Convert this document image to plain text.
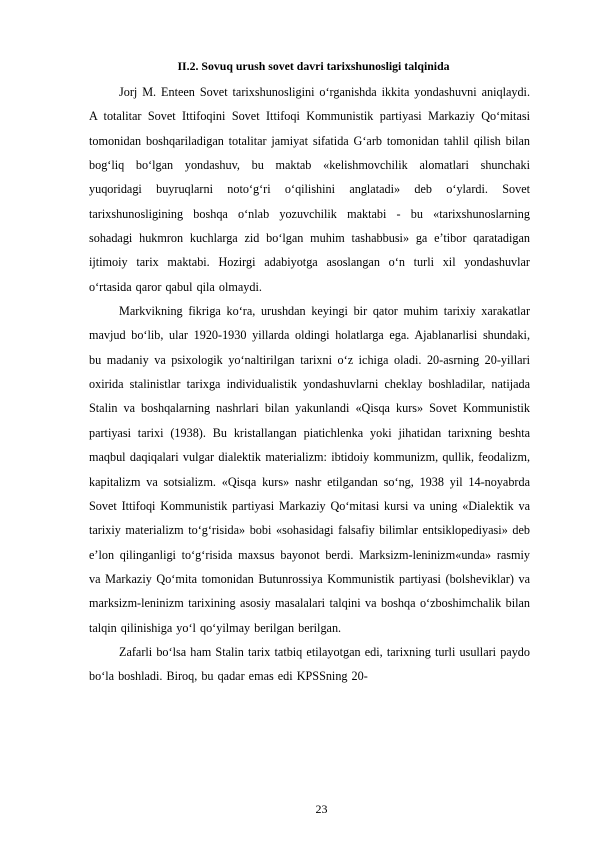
II.2. Sovuq urush sovet davri tarixshunosligi talqinida

Jorj M. Enteen Sovet tarixshunosligini o‘rganishda ikkita yondashuvni aniqlaydi. A totalitar Sovet Ittifoqini Sovet Ittifoqi Kommunistik partiyasi Markaziy Qo‘mitasi tomonidan boshqariladigan totalitar jamiyat sifatida G‘arb tomonidan tahlil qilish bilan bog‘liq bo‘lgan yondashuv, bu maktab «kelishmovchilik alomatlari shunchaki yuqoridagi buyruqlarni noto‘g‘ri o‘qilishini anglatadi» deb o‘ylardi. Sovet tarixshunosligining boshqa o‘nlab yozuvchilik maktabi - bu «tarixshunoslarning sohadagi hukmron kuchlarga zid bo‘lgan muhim tashabbusi» ga e’tibor qaratadigan ijtimoiy tarix maktabi. Hozirgi adabiyotga asoslangan o‘n turli xil yondashuvlar o‘rtasida qaror qabul qila olmaydi.

Markvikning fikriga ko‘ra, urushdan keyingi bir qator muhim tarixiy xarakatlar mavjud bo‘lib, ular 1920-1930 yillarda oldingi holatlarga ega. Ajablanarlisi shundaki, bu madaniy va psixologik yo‘naltirilgan tarixni o‘z ichiga oladi. 20-asrning 20-yillari oxirida stalinistlar tarixga individualistik yondashuvlarni cheklay boshladilar, natijada Stalin va boshqalarning nashrlari bilan yakunlandi «Qisqa kurs» Sovet Kommunistik partiyasi tarixi (1938). Bu kristallangan piatichlenka yoki jihatidan tarixning beshta maqbul daqiqalari vulgar dialektik materializm: ibtidoiy kommunizm, qullik, feodalizm, kapitalizm va sotsializm. «Qisqa kurs» nashr etilgandan so‘ng, 1938 yil 14-noyabrda Sovet Ittifoqi Kommunistik partiyasi Markaziy Qo‘mitasi kursi va uning «Dialektik va tarixiy materializm to‘g‘risida» bobi «sohasidagi falsafiy bilimlar entsiklopediyasi» deb e’lon qilinganligi to‘g‘risida maxsus bayonot berdi. Marksizm-leninizm«unda» rasmiy va Markaziy Qo‘mita tomonidan Butunrossiya Kommunistik partiyasi (bolsheviklar) va marksizm-leninizm tarixining asosiy masalalari talqini va boshqa o‘zboshimchalik bilan talqin qilinishiga yo‘l qo‘yilmay berilgan berilgan.

Zafarli bo‘lsa ham Stalin tarix tatbiq etilayotgan edi, tarixning turli usullari paydo bo‘la boshladi. Biroq, bu qadar emas edi KPSSning 20-

23
